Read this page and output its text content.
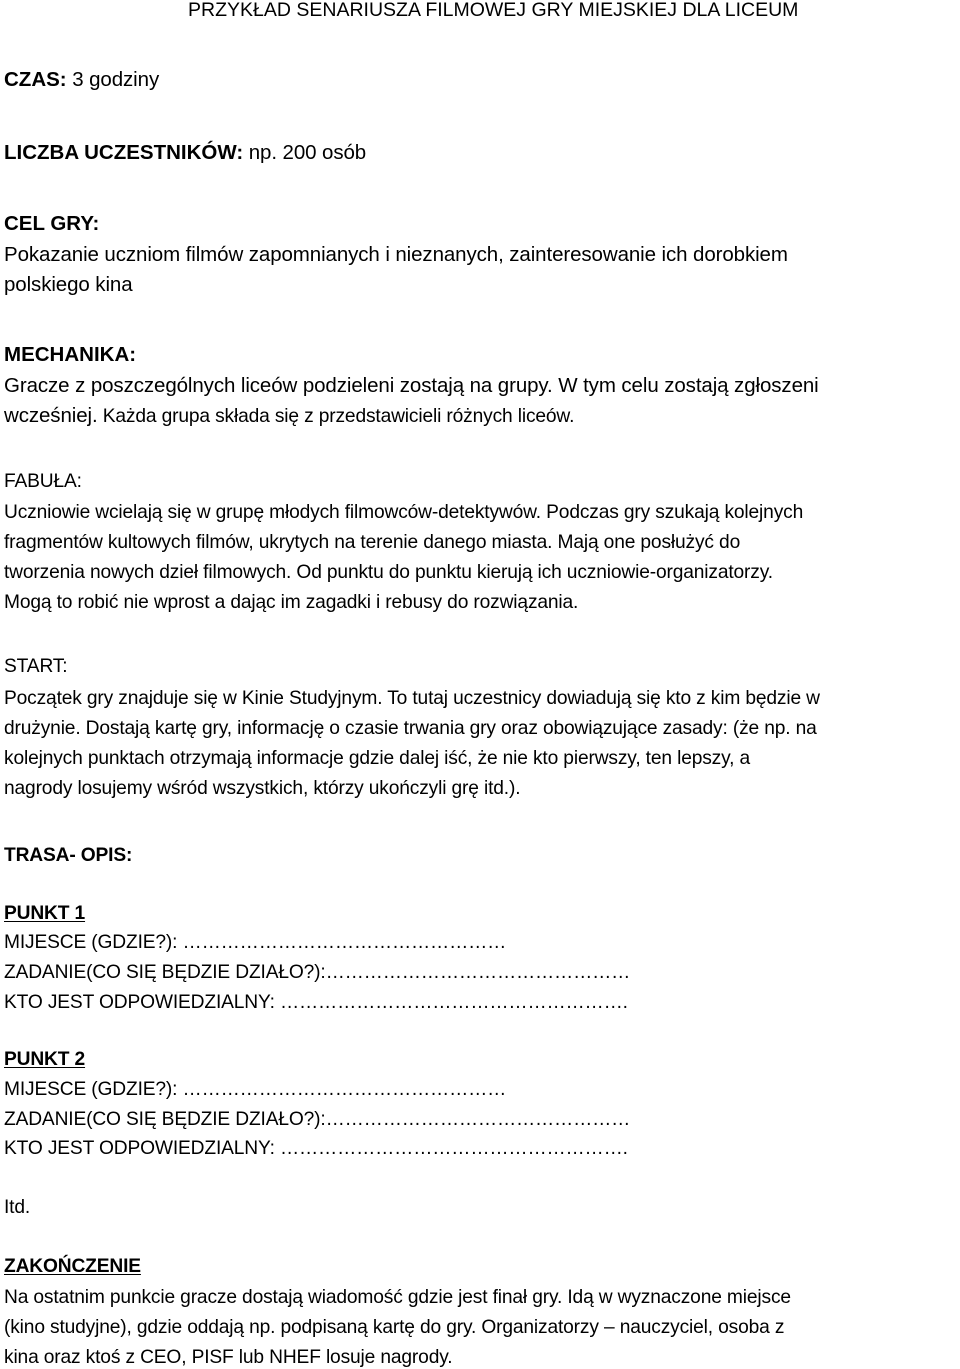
PRZYKŁAD SENARIUSZA FILMOWEJ GRY MIEJSKIEJ DLA LICEUM
CZAS: 3 godziny
LICZBA UCZESTNIKÓW: np. 200 osób
CEL GRY:
Pokazanie uczniom filmów zapomnianych i nieznanych, zainteresowanie ich dorobkiem
polskiego kina
MECHANIKA:
Gracze z poszczególnych liceów podzieleni zostają na grupy. W tym celu zostają zgłoszeni
wcześniej. Każda grupa składa się z przedstawicieli różnych liceów.
FABUŁA:
Uczniowie wcielają się w grupę młodych filmowców-detektywów. Podczas gry szukają kolejnych
fragmentów kultowych filmów, ukrytych na terenie danego miasta. Mają one posłużyć do
tworzenia nowych dzieł filmowych. Od punktu do punktu kierują ich uczniowie-organizatorzy.
Mogą to robić nie wprost a dając im zagadki i rebusy do rozwiązania.
START:
Początek gry znajduje się w Kinie Studyjnym. To tutaj uczestnicy dowiadują się kto z kim będzie w
drużynie. Dostają kartę gry, informację o czasie trwania gry oraz obowiązujące zasady: (że np. na
kolejnych punktach otrzymają informacje gdzie dalej iść, że nie kto pierwszy, ten lepszy, a
nagrody losujemy wśród wszystkich, którzy ukończyli grę itd.).
TRASA- OPIS:
PUNKT 1
MIJESCE (GDZIE?): ……………………………………………
ZADANIE(CO SIĘ BĘDZIE DZIAŁO?):…………………………………………
KTO JEST ODPOWIEDZIALNY: ……………………………………………….
PUNKT 2
MIJESCE (GDZIE?): ……………………………………………
ZADANIE(CO SIĘ BĘDZIE DZIAŁO?):…………………………………………
KTO JEST ODPOWIEDZIALNY: ……………………………………………….
Itd.
ZAKOŃCZENIE
Na ostatnim punkcie gracze dostają wiadomość gdzie jest finał gry. Idą w wyznaczone miejsce
(kino studyjne), gdzie oddają np. podpisaną kartę do gry. Organizatorzy – nauczyciel, osoba z
kina oraz ktoś z CEO, PISF lub NHEF losuje nagrody.
